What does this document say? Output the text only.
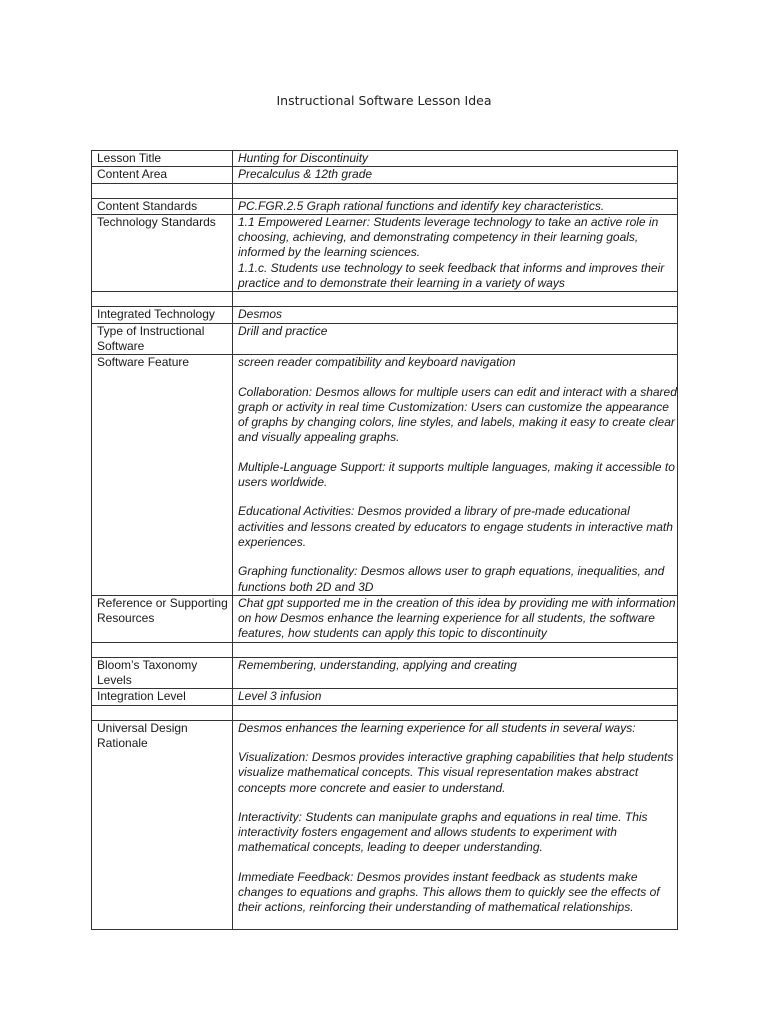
Instructional Software Lesson Idea
Lesson Title	Hunting for Discontinuity
Content Area	Precalculus & 12th grade

Content Standards	PC.FGR.2.5 Graph rational functions and identify key characteristics.
Technology Standards	1.1 Empowered Learner: Students leverage technology to take an active role in choosing, achieving, and demonstrating competency in their learning goals, informed by the learning sciences.
1.1.c. Students use technology to seek feedback that informs and improves their practice and to demonstrate their learning in a variety of ways

Integrated Technology	Desmos
Type of Instructional Software	Drill and practice
Software Feature	screen reader compatibility and keyboard navigation

Collaboration: Desmos allows for multiple users can edit and interact with a shared graph or activity in real time Customization: Users can customize the appearance of graphs by changing colors, line styles, and labels, making it easy to create clear and visually appealing graphs.

Multiple-Language Support: it supports multiple languages, making it accessible to users worldwide.

Educational Activities: Desmos provided a library of pre-made educational activities and lessons created by educators to engage students in interactive math experiences.

Graphing functionality: Desmos allows user to graph equations, inequalities, and functions both 2D and 3D

Reference or Supporting Resources	Chat gpt supported me in the creation of this idea by providing me with information on how Desmos enhance the learning experience for all students, the software features, how students can apply this topic to discontinuity

Bloom’s Taxonomy Levels	Remembering, understanding, applying and creating
Integration Level	Level 3 infusion

Universal Design Rationale	Desmos enhances the learning experience for all students in several ways:

Visualization: Desmos provides interactive graphing capabilities that help students visualize mathematical concepts. This visual representation makes abstract concepts more concrete and easier to understand.

Interactivity: Students can manipulate graphs and equations in real time. This interactivity fosters engagement and allows students to experiment with mathematical concepts, leading to deeper understanding.

Immediate Feedback: Desmos provides instant feedback as students make changes to equations and graphs. This allows them to quickly see the effects of their actions, reinforcing their understanding of mathematical relationships.
